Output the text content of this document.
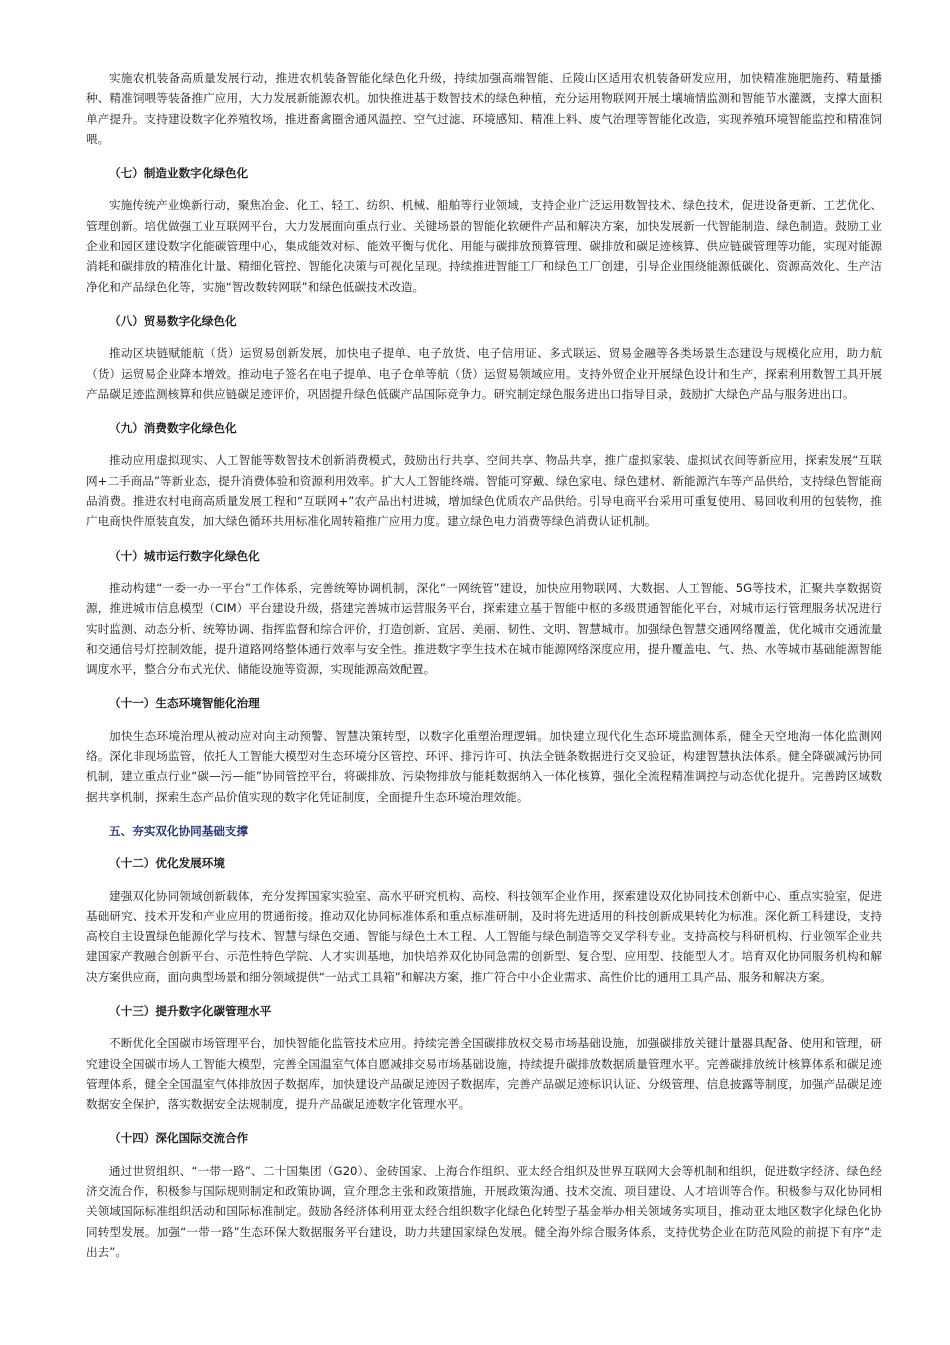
实施农机装备高质量发展行动，推进农机装备智能化绿色化升级，持续加强高端智能、丘陵山区适用农机装备研发应用，加快精准施肥施药、精量播种、精准饲喂等装备推广应用，大力发展新能源农机。加快推进基于数智技术的绿色种植，充分运用物联网开展土壤墒情监测和智能节水灌溉，支撑大面积单产提升。支持建设数字化养殖牧场，推进畜禽圈舍通风温控、空气过滤、环境感知、精准上料、废气治理等智能化改造，实现养殖环境智能监控和精准饲喂。

（七）制造业数字化绿色化

实施传统产业焕新行动，聚焦冶金、化工、轻工、纺织、机械、船舶等行业领域，支持企业广泛运用数智技术、绿色技术，促进设备更新、工艺优化、管理创新。培优做强工业互联网平台，大力发展面向重点行业、关键场景的智能化软硬件产品和解决方案，加快发展新一代智能制造、绿色制造。鼓励工业企业和园区建设数字化能碳管理中心，集成能效对标、能效平衡与优化、用能与碳排放预算管理、碳排放和碳足迹核算、供应链碳管理等功能，实现对能源消耗和碳排放的精准化计量、精细化管控、智能化决策与可视化呈现。持续推进智能工厂和绿色工厂创建，引导企业围绕能源低碳化、资源高效化、生产洁净化和产品绿色化等，实施“智改数转网联”和绿色低碳技术改造。

（八）贸易数字化绿色化

推动区块链赋能航（货）运贸易创新发展，加快电子提单、电子放货、电子信用证、多式联运、贸易金融等各类场景生态建设与规模化应用，助力航（货）运贸易企业降本增效。推动电子签名在电子提单、电子仓单等航（货）运贸易领域应用。支持外贸企业开展绿色设计和生产，探索利用数智工具开展产品碳足迹监测核算和供应链碳足迹评价，巩固提升绿色低碳产品国际竞争力。研究制定绿色服务进出口指导目录，鼓励扩大绿色产品与服务进出口。

（九）消费数字化绿色化

推动应用虚拟现实、人工智能等数智技术创新消费模式，鼓励出行共享、空间共享、物品共享，推广虚拟家装、虚拟试衣间等新应用，探索发展“互联网+二手商品”等新业态，提升消费体验和资源利用效率。扩大人工智能终端、智能可穿戴、绿色家电、绿色建材、新能源汽车等产品供给，支持绿色智能商品消费。推进农村电商高质量发展工程和“互联网+”农产品出村进城，增加绿色优质农产品供给。引导电商平台采用可重复使用、易回收利用的包装物，推广电商快件原装直发，加大绿色循环共用标准化周转箱推广应用力度。建立绿色电力消费等绿色消费认证机制。

（十）城市运行数字化绿色化

推动构建“一委一办一平台”工作体系，完善统筹协调机制，深化“一网统管”建设，加快应用物联网、大数据、人工智能、5G等技术，汇聚共享数据资源，推进城市信息模型（CIM）平台建设升级，搭建完善城市运营服务平台，探索建立基于智能中枢的多级贯通智能化平台，对城市运行管理服务状况进行实时监测、动态分析、统筹协调、指挥监督和综合评价，打造创新、宜居、美丽、韧性、文明、智慧城市。加强绿色智慧交通网络覆盖，优化城市交通流量和交通信号灯控制效能，提升道路网络整体通行效率与安全性。推进数字孪生技术在城市能源网络深度应用，提升覆盖电、气、热、水等城市基础能源智能调度水平，整合分布式光伏、储能设施等资源，实现能源高效配置。

（十一）生态环境智能化治理

加快生态环境治理从被动应对向主动预警、智慧决策转型，以数字化重塑治理逻辑。加快建立现代化生态环境监测体系，健全天空地海一体化监测网络。深化非现场监管，依托人工智能大模型对生态环境分区管控、环评、排污许可、执法全链条数据进行交叉验证，构建智慧执法体系。健全降碳减污协同机制，建立重点行业“碳—污—能”协同管控平台，将碳排放、污染物排放与能耗数据纳入一体化核算，强化全流程精准调控与动态优化提升。完善跨区域数据共享机制，探索生态产品价值实现的数字化凭证制度，全面提升生态环境治理效能。

五、夯实双化协同基础支撑

（十二）优化发展环境

建强双化协同领域创新载体，充分发挥国家实验室、高水平研究机构、高校、科技领军企业作用，探索建设双化协同技术创新中心、重点实验室，促进基础研究、技术开发和产业应用的贯通衔接。推动双化协同标准体系和重点标准研制，及时将先进适用的科技创新成果转化为标准。深化新工科建设，支持高校自主设置绿色能源化学与技术、智慧与绿色交通、智能与绿色土木工程、人工智能与绿色制造等交叉学科专业。支持高校与科研机构、行业领军企业共建国家产教融合创新平台、示范性特色学院、人才实训基地，加快培养双化协同急需的创新型、复合型、应用型、技能型人才。培育双化协同服务机构和解决方案供应商，面向典型场景和细分领域提供“一站式工具箱”和解决方案，推广符合中小企业需求、高性价比的通用工具产品、服务和解决方案。

（十三）提升数字化碳管理水平

不断优化全国碳市场管理平台，加快智能化监管技术应用。持续完善全国碳排放权交易市场基础设施，加强碳排放关键计量器具配备、使用和管理，研究建设全国碳市场人工智能大模型，完善全国温室气体自愿减排交易市场基础设施，持续提升碳排放数据质量管理水平。完善碳排放统计核算体系和碳足迹管理体系，健全全国温室气体排放因子数据库，加快建设产品碳足迹因子数据库，完善产品碳足迹标识认证、分级管理、信息披露等制度，加强产品碳足迹数据安全保护，落实数据安全法规制度，提升产品碳足迹数字化管理水平。

（十四）深化国际交流合作

通过世贸组织、“一带一路”、二十国集团（G20）、金砖国家、上海合作组织、亚太经合组织及世界互联网大会等机制和组织，促进数字经济、绿色经济交流合作，积极参与国际规则制定和政策协调，宣介理念主张和政策措施，开展政策沟通、技术交流、项目建设、人才培训等合作。积极参与双化协同相关领域国际标准组织活动和国际标准制定。鼓励各经济体利用亚太经合组织数字化绿色化转型子基金举办相关领域务实项目，推动亚太地区数字化绿色化协同转型发展。加强“一带一路”生态环保大数据服务平台建设，助力共建国家绿色发展。健全海外综合服务体系，支持优势企业在防范风险的前提下有序“走出去”。
